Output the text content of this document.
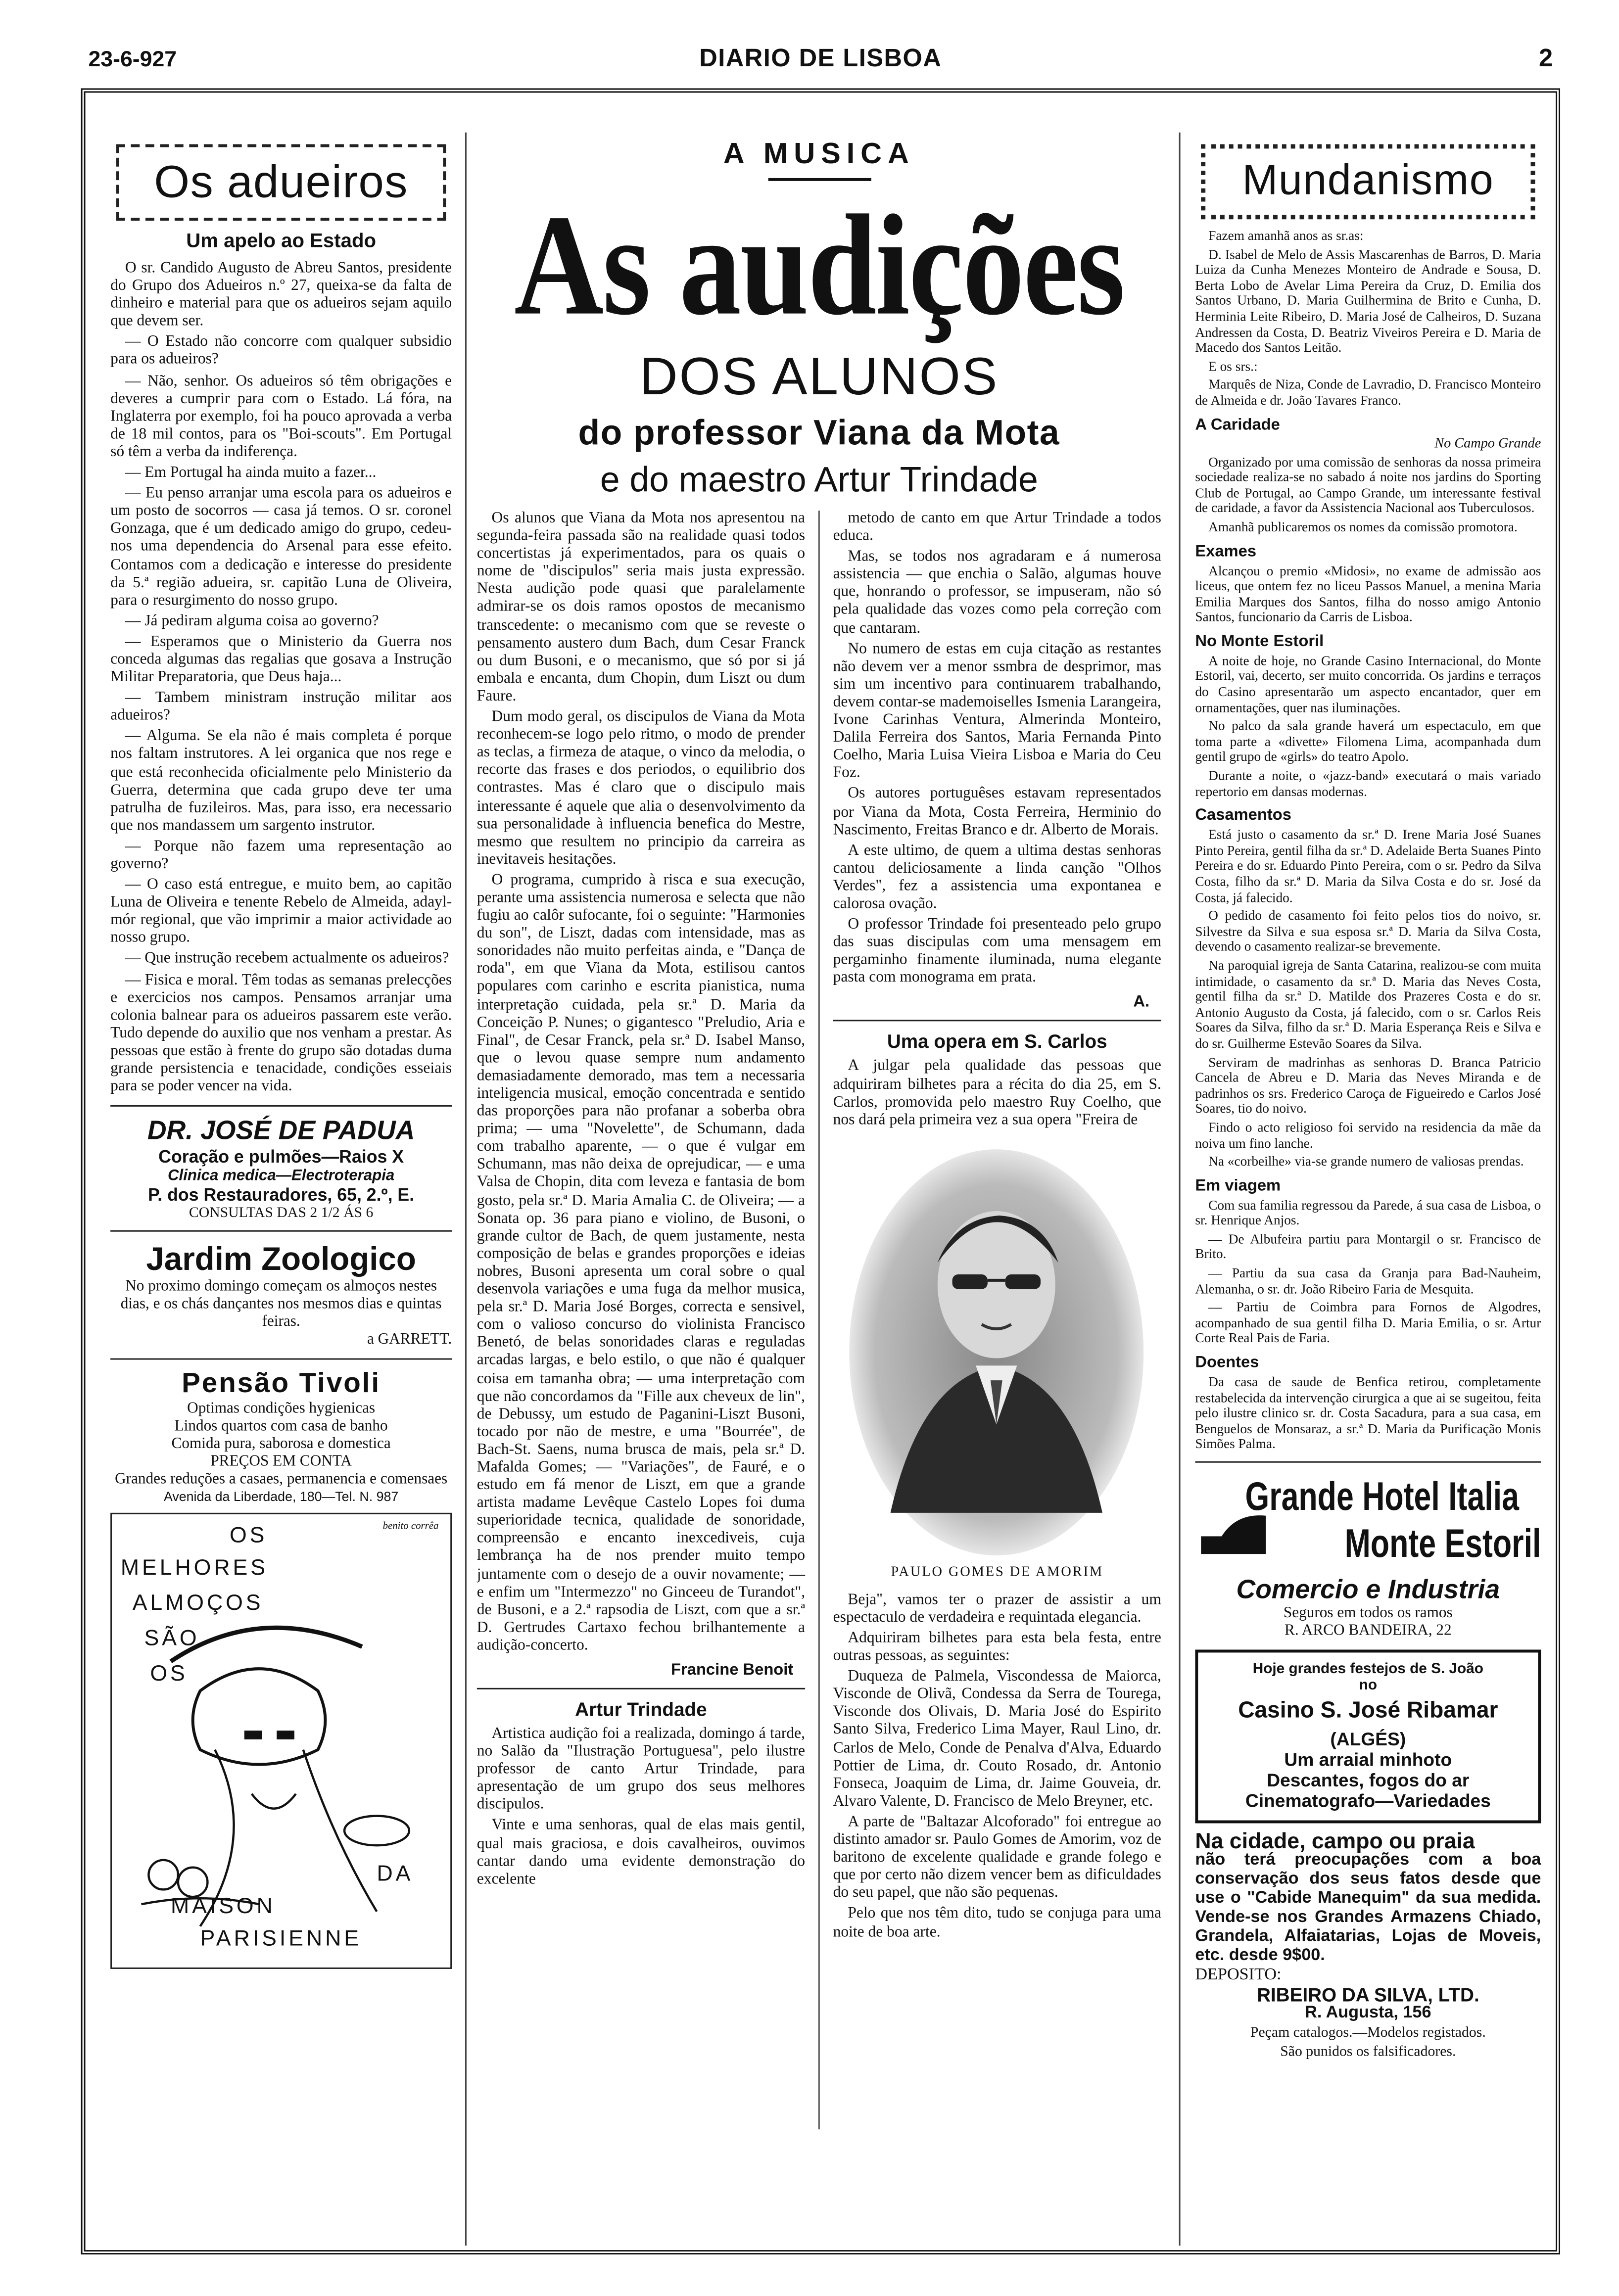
23-6-927	DIARIO DE LISBOA	2
Os adueiros
Um apelo ao Estado

O sr. Candido Augusto de Abreu Santos, presidente do Grupo dos Adueiros n.º 27, queixa-se da falta de dinheiro e material para que os adueiros sejam aquilo que devem ser.

— O Estado não concorre com qualquer subsidio para os adueiros?

— Não, senhor. Os adueiros só têm obrigações e deveres a cumprir para com o Estado. Lá fóra, na Inglaterra por exemplo, foi ha pouco aprovada a verba de 18 mil contos, para os "Boi-scouts". Em Portugal só têm a verba da indiferença.

— Em Portugal ha ainda muito a fazer...

— Eu penso arranjar uma escola para os adueiros e um posto de socorros — casa já temos. O sr. coronel Gonzaga, que é um dedicado amigo do grupo, cedeu-nos uma dependencia do Arsenal para esse efeito. Contamos com a dedicação e interesse do presidente da 5.ª região adueira, sr. capitão Luna de Oliveira, para o resurgimento do nosso grupo.

— Já pediram alguma coisa ao governo?

— Esperamos que o Ministerio da Guerra nos conceda algumas das regalias que gosava a Instrução Militar Preparatoria, que Deus haja...

— Tambem ministram instrução militar aos adueiros?

— Alguma. Se ela não é mais completa é porque nos faltam instrutores. A lei organica que nos rege e que está reconhecida oficialmente pelo Ministerio da Guerra, determina que cada grupo deve ter uma patrulha de fuzileiros. Mas, para isso, era necessario que nos mandassem um sargento instrutor.

— Porque não fazem uma representação ao governo?

— O caso está entregue, e muito bem, ao capitão Luna de Oliveira e tenente Rebelo de Almeida, adayl-mór regional, que vão imprimir a maior actividade ao nosso grupo.

— Que instrução recebem actualmente os adueiros?

— Fisica e moral. Têm todas as semanas prelecções e exercicios nos campos. Pensamos arranjar uma colonia balnear para os adueiros passarem este verão. Tudo depende do auxilio que nos venham a prestar. As pessoas que estão à frente do grupo são dotadas duma grande persistencia e tenacidade, condições esseiais para se poder vencer na vida.

DR. JOSÉ DE PADUA
Coração e pulmões—Raios X
Clinica medica—Electroterapia
P. dos Restauradores, 65, 2.º, E.
CONSULTAS DAS 2 1/2 ÁS 6
Jardim Zoologico
No proximo domingo começam os almoços nestes dias, e os chás dançantes nos mesmos dias e quintas feiras.
a GARRETT.
Pensão Tivoli
Optimas condições hygienicas
Lindos quartos com casa de banho
Comida pura, saborosa e domestica
PREÇOS EM CONTA
Grandes reduções a casaes, permanencia e comensaes
Avenida da Liberdade, 180—Tel. N. 987
benito corrêa
OS
MELHORES
ALMOÇOS
SÃO
OS
DA
MAISON
PARISIENNE
A MUSICA
As audições
DOS ALUNOS
do professor Viana da Mota
e do maestro Artur Trindade

Os alunos que Viana da Mota nos apresentou na segunda-feira passada são na realidade quasi todos concertistas já experimentados, para os quais o nome de "discipulos" seria mais justa expressão. Nesta audição pode quasi que paralelamente admirar-se os dois ramos opostos de mecanismo transcedente: o mecanismo com que se reveste o pensamento austero dum Bach, dum Cesar Franck ou dum Busoni, e o mecanismo, que só por si já embala e encanta, dum Chopin, dum Liszt ou dum Faure.

Dum modo geral, os discipulos de Viana da Mota reconhecem-se logo pelo ritmo, o modo de prender as teclas, a firmeza de ataque, o vinco da melodia, o recorte das frases e dos periodos, o equilibrio dos contrastes. Mas é claro que o discipulo mais interessante é aquele que alia o desenvolvimento da sua personalidade à influencia benefica do Mestre, mesmo que resultem no principio da carreira as inevitaveis hesitações.

O programa, cumprido à risca e sua execução, perante uma assistencia numerosa e selecta que não fugiu ao calôr sufocante, foi o seguinte: "Harmonies du son", de Liszt, dadas com intensidade, mas as sonoridades não muito perfeitas ainda, e "Dança de roda", em que Viana da Mota, estilisou cantos populares com carinho e escrita pianistica, numa interpretação cuidada, pela sr.ª D. Maria da Conceição P. Nunes; o gigantesco "Preludio, Aria e Final", de Cesar Franck, pela sr.ª D. Isabel Manso, que o levou quase sempre num andamento demasiadamente demorado, mas tem a necessaria inteligencia musical, emoção concentrada e sentido das proporções para não profanar a soberba obra prima; — uma "Novelette", de Schumann, dada com trabalho aparente, — o que é vulgar em Schumann, mas não deixa de oprejudicar, — e uma Valsa de Chopin, dita com leveza e fantasia de bom gosto, pela sr.ª D. Maria Amalia C. de Oliveira; — a Sonata op. 36 para piano e violino, de Busoni, o grande cultor de Bach, de quem justamente, nesta composição de belas e grandes proporções e ideias nobres, Busoni apresenta um coral sobre o qual desenvola variações e uma fuga da melhor musica, pela sr.ª D. Maria José Borges, correcta e sensivel, com o valioso concurso do violinista Francisco Benetó, de belas sonoridades claras e reguladas arcadas largas, e belo estilo, o que não é qualquer coisa em tamanha obra; — uma interpretação com que não concordamos da "Fille aux cheveux de lin", de Debussy, um estudo de Paganini-Liszt Busoni, tocado por não de mestre, e uma "Bourrée", de Bach-St. Saens, numa brusca de mais, pela sr.ª D. Mafalda Gomes; — "Variações", de Fauré, e o estudo em fá menor de Liszt, em que a grande artista madame Levêque Castelo Lopes foi duma superioridade tecnica, qualidade de sonoridade, compreensão e encanto inexcediveis, cuja lembrança ha de nos prender muito tempo juntamente com o desejo de a ouvir novamente; — e enfim um "Intermezzo" no Ginceeu de Turandot", de Busoni, e a 2.ª rapsodia de Liszt, com que a sr.ª D. Gertrudes Cartaxo fechou brilhantemente a audição-concerto.

Francine Benoit
Artur Trindade

Artistica audição foi a realizada, domingo á tarde, no Salão da "Ilustração Portuguesa", pelo ilustre professor de canto Artur Trindade, para apresentação de um grupo dos seus melhores discipulos.

Vinte e uma senhoras, qual de elas mais gentil, qual mais graciosa, e dois cavalheiros, ouvimos cantar dando uma evidente demonstração do excelente

metodo de canto em que Artur Trindade a todos educa.

Mas, se todos nos agradaram e á numerosa assistencia — que enchia o Salão, algumas houve que, honrando o professor, se impuseram, não só pela qualidade das vozes como pela correção com que cantaram.

No numero de estas em cuja citação as restantes não devem ver a menor ssmbra de desprimor, mas sim um incentivo para continuarem trabalhando, devem contar-se mademoiselles Ismenia Larangeira, Ivone Carinhas Ventura, Almerinda Monteiro, Dalila Ferreira dos Santos, Maria Fernanda Pinto Coelho, Maria Luisa Vieira Lisboa e Maria do Ceu Foz.

Os autores portuguêses estavam representados por Viana da Mota, Costa Ferreira, Herminio do Nascimento, Freitas Branco e dr. Alberto de Morais.

A este ultimo, de quem a ultima destas senhoras cantou deliciosamente a linda canção "Olhos Verdes", fez a assistencia uma expontanea e calorosa ovação.

O professor Trindade foi presenteado pelo grupo das suas discipulas com uma mensagem em pergaminho finamente iluminada, numa elegante pasta com monograma em prata.

A.
Uma opera em S. Carlos

A julgar pela qualidade das pessoas que adquiriram bilhetes para a récita do dia 25, em S. Carlos, promovida pelo maestro Ruy Coelho, que nos dará pela primeira vez a sua opera "Freira de

PAULO GOMES DE AMORIM

Beja", vamos ter o prazer de assistir a um espectaculo de verdadeira e requintada elegancia.

Adquiriram bilhetes para esta bela festa, entre outras pessoas, as seguintes:

Duqueza de Palmela, Viscondessa de Maiorca, Visconde de Olivã, Condessa da Serra de Tourega, Visconde dos Olivais, D. Maria José do Espirito Santo Silva, Frederico Lima Mayer, Raul Lino, dr. Carlos de Melo, Conde de Penalva d'Alva, Eduardo Pottier de Lima, dr. Couto Rosado, dr. Antonio Fonseca, Joaquim de Lima, dr. Jaime Gouveia, dr. Alvaro Valente, D. Francisco de Melo Breyner, etc.

A parte de "Baltazar Alcoforado" foi entregue ao distinto amador sr. Paulo Gomes de Amorim, voz de baritono de excelente qualidade e grande folego e que por certo não dizem vencer bem as dificuldades do seu papel, que não são pequenas.

Pelo que nos têm dito, tudo se conjuga para uma noite de boa arte.

Mundanismo

Fazem amanhã anos as sr.as:

D. Isabel de Melo de Assis Mascarenhas de Barros, D. Maria Luiza da Cunha Menezes Monteiro de Andrade e Sousa, D. Berta Lobo de Avelar Lima Pereira da Cruz, D. Emilia dos Santos Urbano, D. Maria Guilhermina de Brito e Cunha, D. Herminia Leite Ribeiro, D. Maria José de Calheiros, D. Suzana Andressen da Costa, D. Beatriz Viveiros Pereira e D. Maria de Macedo dos Santos Leitão.

E os srs.:

Marquês de Niza, Conde de Lavradio, D. Francisco Monteiro de Almeida e dr. João Tavares Franco.

A Caridade
No Campo Grande

Organizado por uma comissão de senhoras da nossa primeira sociedade realiza-se no sabado á noite nos jardins do Sporting Club de Portugal, ao Campo Grande, um interessante festival de caridade, a favor da Assistencia Nacional aos Tuberculosos.

Amanhã publicaremos os nomes da comissão promotora.

Exames

Alcançou o premio «Midosi», no exame de admissão aos liceus, que ontem fez no liceu Passos Manuel, a menina Maria Emilia Marques dos Santos, filha do nosso amigo Antonio Santos, funcionario da Carris de Lisboa.

No Monte Estoril

A noite de hoje, no Grande Casino Internacional, do Monte Estoril, vai, decerto, ser muito concorrida. Os jardins e terraços do Casino apresentarão um aspecto encantador, quer em ornamentações, quer nas iluminações.

No palco da sala grande haverá um espectaculo, em que toma parte a «divette» Filomena Lima, acompanhada dum gentil grupo de «girls» do teatro Apolo.

Durante a noite, o «jazz-band» executará o mais variado repertorio em dansas modernas.

Casamentos

Está justo o casamento da sr.ª D. Irene Maria José Suanes Pinto Pereira, gentil filha da sr.ª D. Adelaide Berta Suanes Pinto Pereira e do sr. Eduardo Pinto Pereira, com o sr. Pedro da Silva Costa, filho da sr.ª D. Maria da Silva Costa e do sr. José da Costa, já falecido.

O pedido de casamento foi feito pelos tios do noivo, sr. Silvestre da Silva e sua esposa sr.ª D. Maria da Silva Costa, devendo o casamento realizar-se brevemente.

Na paroquial igreja de Santa Catarina, realizou-se com muita intimidade, o casamento da sr.ª D. Maria das Neves Costa, gentil filha da sr.ª D. Matilde dos Prazeres Costa e do sr. Antonio Augusto da Costa, já falecido, com o sr. Carlos Reis Soares da Silva, filho da sr.ª D. Maria Esperança Reis e Silva e do sr. Guilherme Estevão Soares da Silva.

Serviram de madrinhas as senhoras D. Branca Patricio Cancela de Abreu e D. Maria das Neves Miranda e de padrinhos os srs. Frederico Caroça de Figueiredo e Carlos José Soares, tio do noivo.

Findo o acto religioso foi servido na residencia da mãe da noiva um fino lanche.

Na «corbeilhe» via-se grande numero de valiosas prendas.

Em viagem

Com sua familia regressou da Parede, á sua casa de Lisboa, o sr. Henrique Anjos.

— De Albufeira partiu para Montargil o sr. Francisco de Brito.

— Partiu da sua casa da Granja para Bad-Nauheim, Alemanha, o sr. dr. João Ribeiro Faria de Mesquita.

— Partiu de Coimbra para Fornos de Algodres, acompanhado de sua gentil filha D. Maria Emilia, o sr. Artur Corte Real Pais de Faria.

Doentes

Da casa de saude de Benfica retirou, completamente restabelecida da intervenção cirurgica a que ai se sugeitou, feita pelo ilustre clinico sr. dr. Costa Sacadura, para a sua casa, em Benguelos de Monsaraz, a sr.ª D. Maria da Purificação Monis Simões Palma.

Grande Hotel Italia
Monte Estoril
Comercio e Industria
Seguros em todos os ramos
R. ARCO BANDEIRA, 22
Hoje grandes festejos de S. João
no
Casino S. José Ribamar
(ALGÉS)
Um arraial minhoto
Descantes, fogos do ar
Cinematografo—Variedades
Na cidade, campo ou praia
não terá preocupações com a boa conservação dos seus fatos desde que use o "Cabide Manequim" da sua medida. Vende-se nos Grandes Armazens Chiado, Grandela, Alfaiatarias, Lojas de Moveis, etc. desde 9$00.
DEPOSITO:
RIBEIRO DA SILVA, LTD.
R. Augusta, 156
Peçam catalogos.—Modelos registados.
São punidos os falsificadores.
